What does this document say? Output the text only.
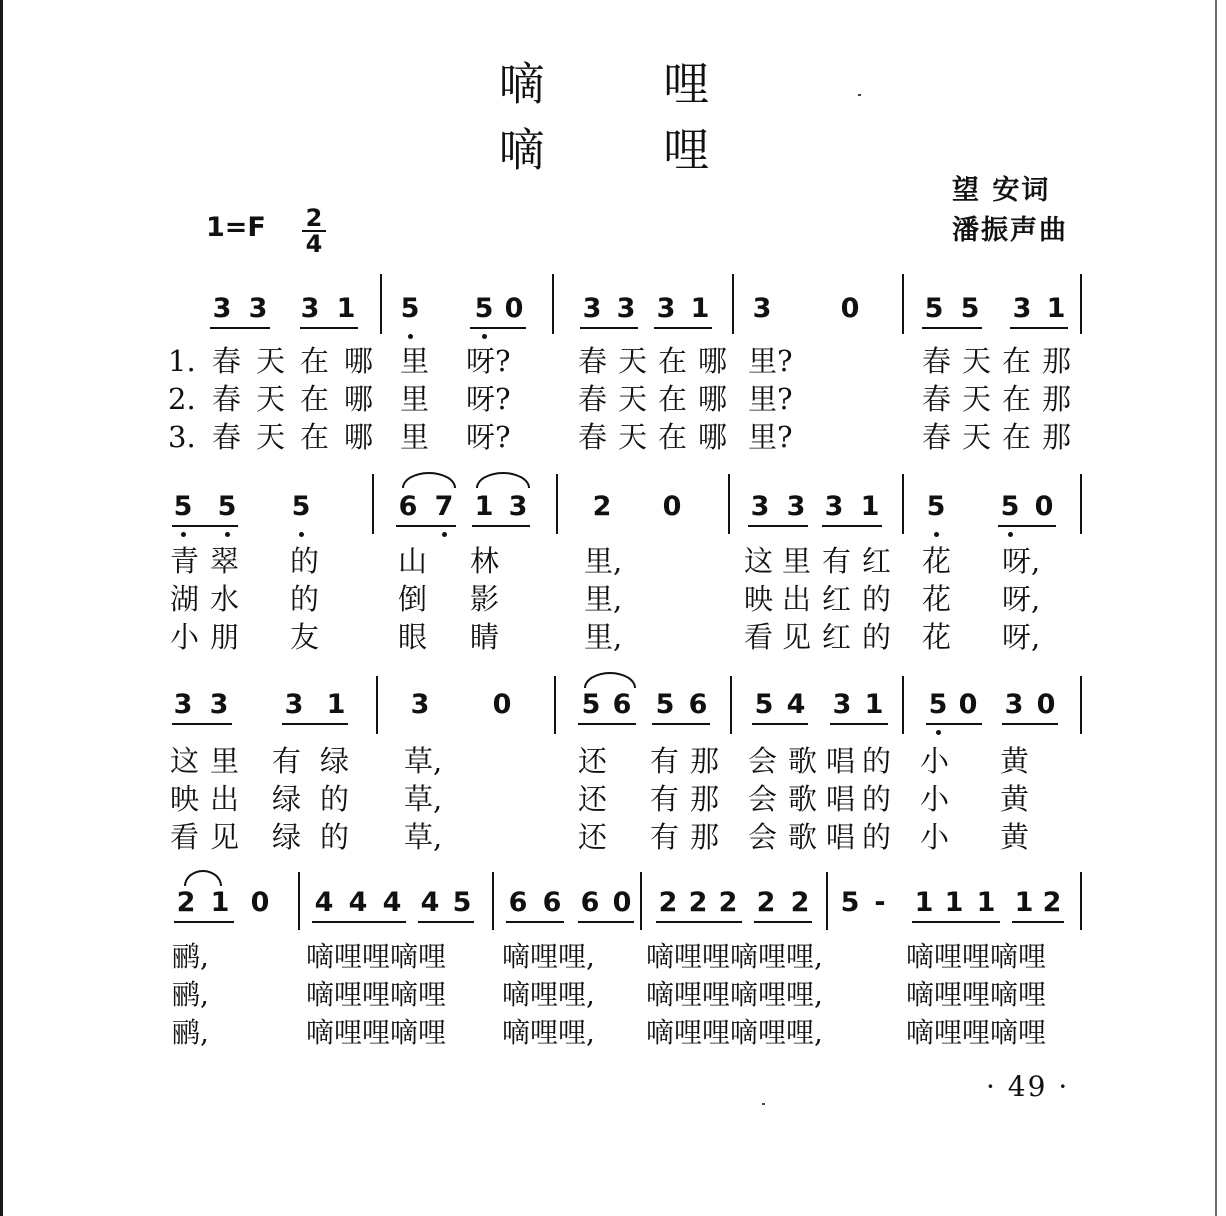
嘀 哩 嘀 哩
望 安词
潘振声曲
$1=F \frac{2}{4}$
3 3 3 1 5 5 0 3 3 3 1 3	0 5 5 3 1
1. 春 天 在 哪 里 呀? 春 天 在 哪 里?	春 天 在 那
2. 春 天 在 哪 里 呀? 春 天 在 哪 里?	春 天 在 那
3. 春 天 在 哪 里 呀? 春 天 在 哪 里?	春 天 在 那
5 5 5	6 7 1 3 2 0	3 3 3 1 5 5 0
青 翠 的	山 林	里,	这 里 有 红 花 呀,
湖 水 的	倒 影	里,	映 出 红 的 花 呀,
小 朋 友	眼 睛	里,	看 见 红 的 花 呀,
3 3 3 1 3 0	5 6 5 6 5 4 3 1 5 0 3 0
这 里 有 绿 草,	还 有 那 会 歌 唱 的 小 黄
映 出 绿 的 草,	还 有 那 会 歌 唱 的 小 黄
看 见 绿 的 草,	还 有 那 会 歌 唱 的 小 黄
2 1 0 4 4 4 4 5 6 6 6 0 2 2 2 2 2 5 - 1 1 1 1 2
鹂,	嘀哩哩嘀哩 嘀哩哩, 嘀哩哩嘀哩哩,	嘀哩哩嘀哩
鹂,	嘀哩哩嘀哩 嘀哩哩, 嘀哩哩嘀哩哩,	嘀哩哩嘀哩
鹂,	嘀哩哩嘀哩 嘀哩哩, 嘀哩哩嘀哩哩,	嘀哩哩嘀哩
· 49 ·
